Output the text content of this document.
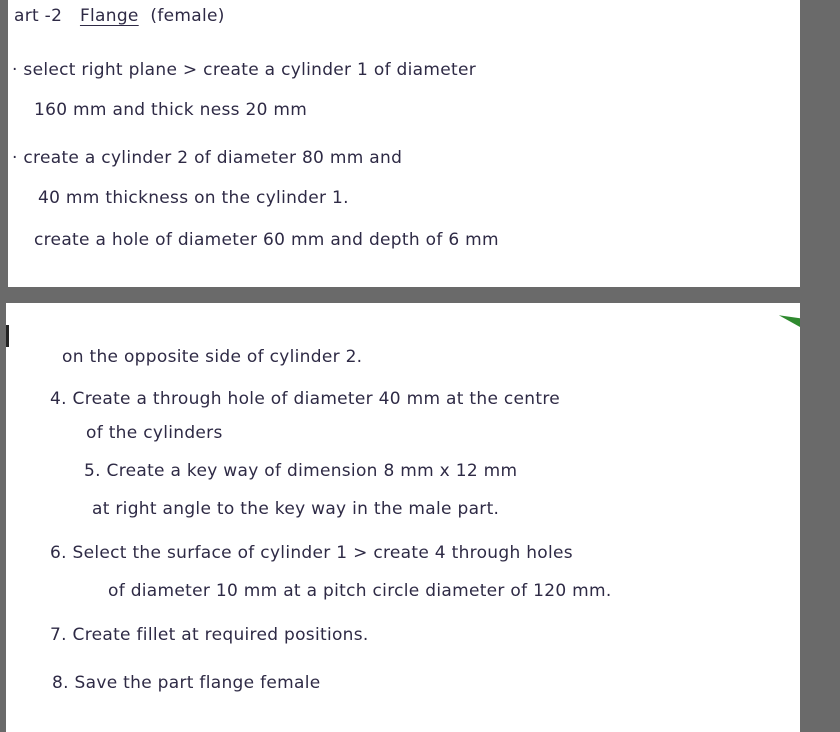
art -2 Flange (female)
· select right plane > create a cylinder 1 of diameter
160 mm and thick ness 20 mm
· create a cylinder 2 of diameter 80 mm and
40 mm thickness on the cylinder 1.
create a hole of diameter 60 mm and depth of 6 mm
on the opposite side of cylinder 2.
4. Create a through hole of diameter 40 mm at the centre
of the cylinders
5. Create a key way of dimension 8 mm x 12 mm
at right angle to the key way in the male part.
6. Select the surface of cylinder 1 > create 4 through holes
of diameter 10 mm at a pitch circle diameter of 120 mm.
7. Create fillet at required positions.
8. Save the part flange female
